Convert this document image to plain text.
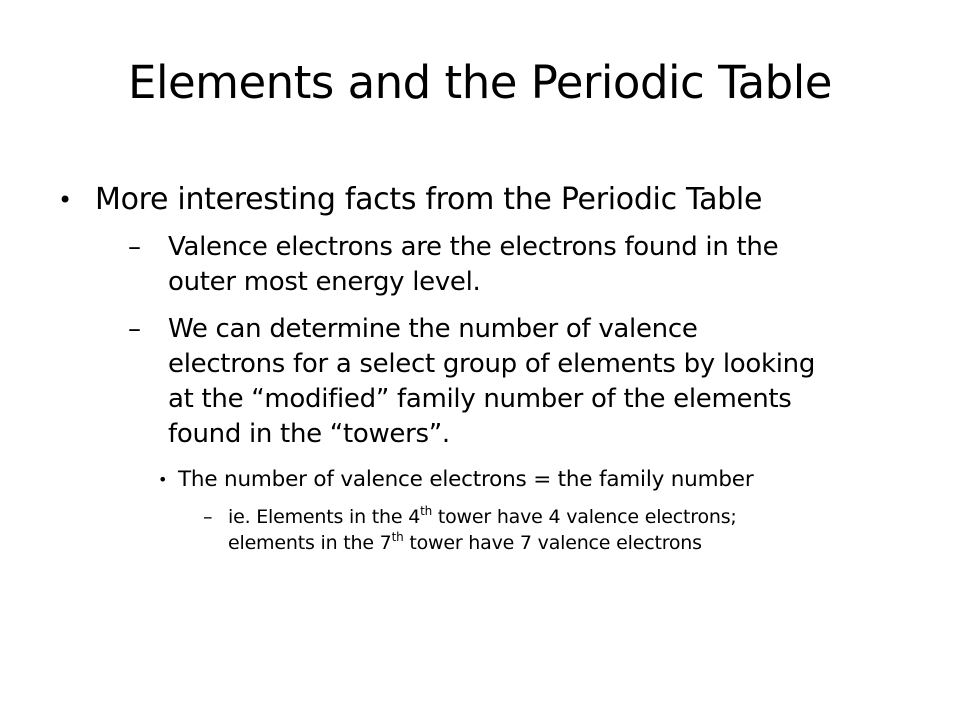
Elements and the Periodic Table
• More interesting facts from the Periodic Table
– Valence electrons are the electrons found in the
outer most energy level.
– We can determine the number of valence
electrons for a select group of elements by looking
at the “modified” family number of the elements
found in the “towers”.
• The number of valence electrons = the family number
– ie. Elements in the 4th tower have 4 valence electrons;
elements in the 7th tower have 7 valence electrons
